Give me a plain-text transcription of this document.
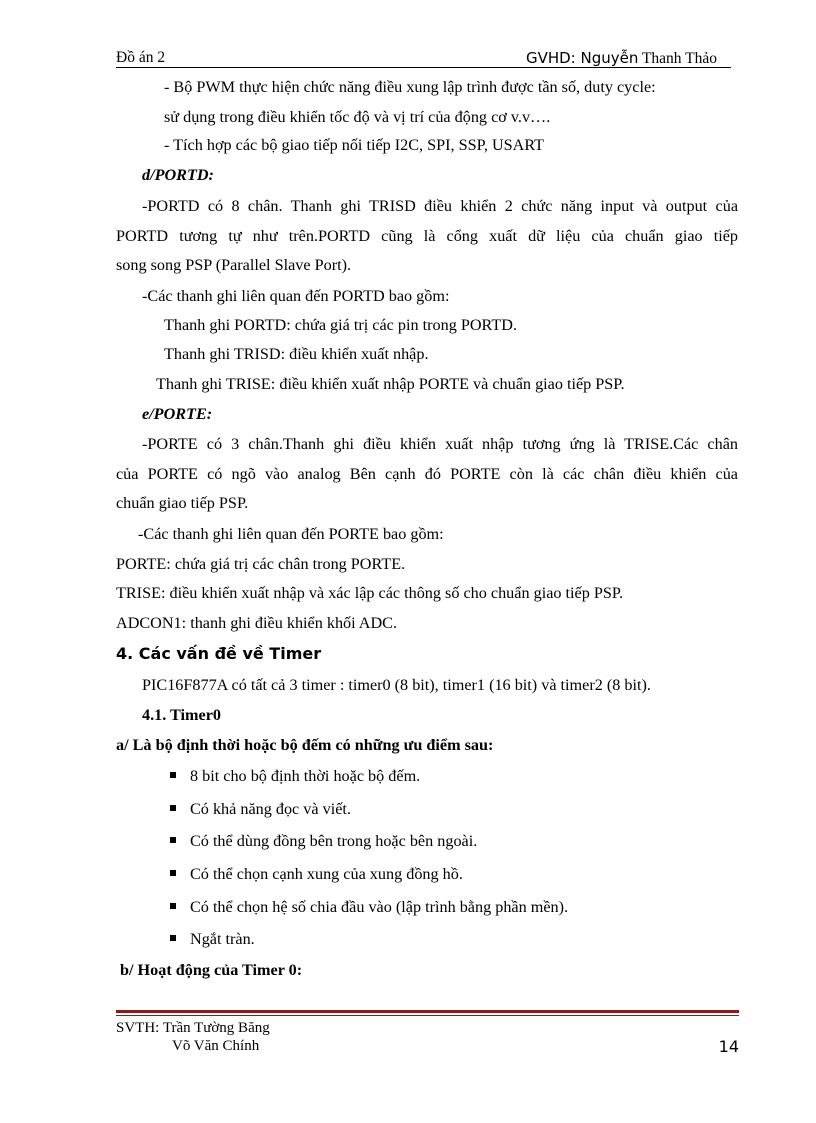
Đồ án 2	GVHD: Nguyễn Thanh Thảo
- Bộ PWM thực hiện chức năng điều xung lập trình được tần số, duty cycle:
sử dụng trong điều khiển tốc độ và vị trí của động cơ v.v….
- Tích hợp các bộ giao tiếp nối tiếp I2C, SPI, SSP, USART
d/PORTD:
-PORTD có 8 chân. Thanh ghi TRISD điều khiển 2 chức năng input và output của
PORTD tương tự như trên.PORTD cũng là cổng xuất dữ liệu của chuẩn giao tiếp
song song PSP (Parallel Slave Port).
-Các thanh ghi liên quan đến PORTD bao gồm:
Thanh ghi PORTD: chứa giá trị các pin trong PORTD.
Thanh ghi TRISD: điều khiển xuất nhập.
Thanh ghi TRISE: điều khiển xuất nhập PORTE và chuẩn giao tiếp PSP.
e/PORTE:
-PORTE có 3 chân.Thanh ghi điều khiển xuất nhập tương ứng là TRISE.Các chân
của PORTE có ngõ vào analog Bên cạnh đó PORTE còn là các chân điều khiển của
chuẩn giao tiếp PSP.
-Các thanh ghi liên quan đến PORTE bao gồm:
PORTE: chứa giá trị các chân trong PORTE.
TRISE: điều khiển xuất nhập và xác lập các thông số cho chuẩn giao tiếp PSP.
ADCON1: thanh ghi điều khiển khối ADC.
4. Các vấn đề về Timer
PIC16F877A có tất cả 3 timer : timer0 (8 bit), timer1 (16 bit) và timer2 (8 bit).
4.1. Timer0
a/ Là bộ định thời hoặc bộ đếm có những ưu điểm sau:
8 bit cho bộ định thời hoặc bộ đếm.
Có khả năng đọc và viết.
Có thể dùng đồng bên trong hoặc bên ngoài.
Có thể chọn cạnh xung của xung đồng hồ.
Có thể chọn hệ số chia đầu vào (lập trình bằng phần mền).
Ngắt tràn.
b/ Hoạt động của Timer 0:
SVTH: Trần Tường Băng
Võ Văn Chính	14
